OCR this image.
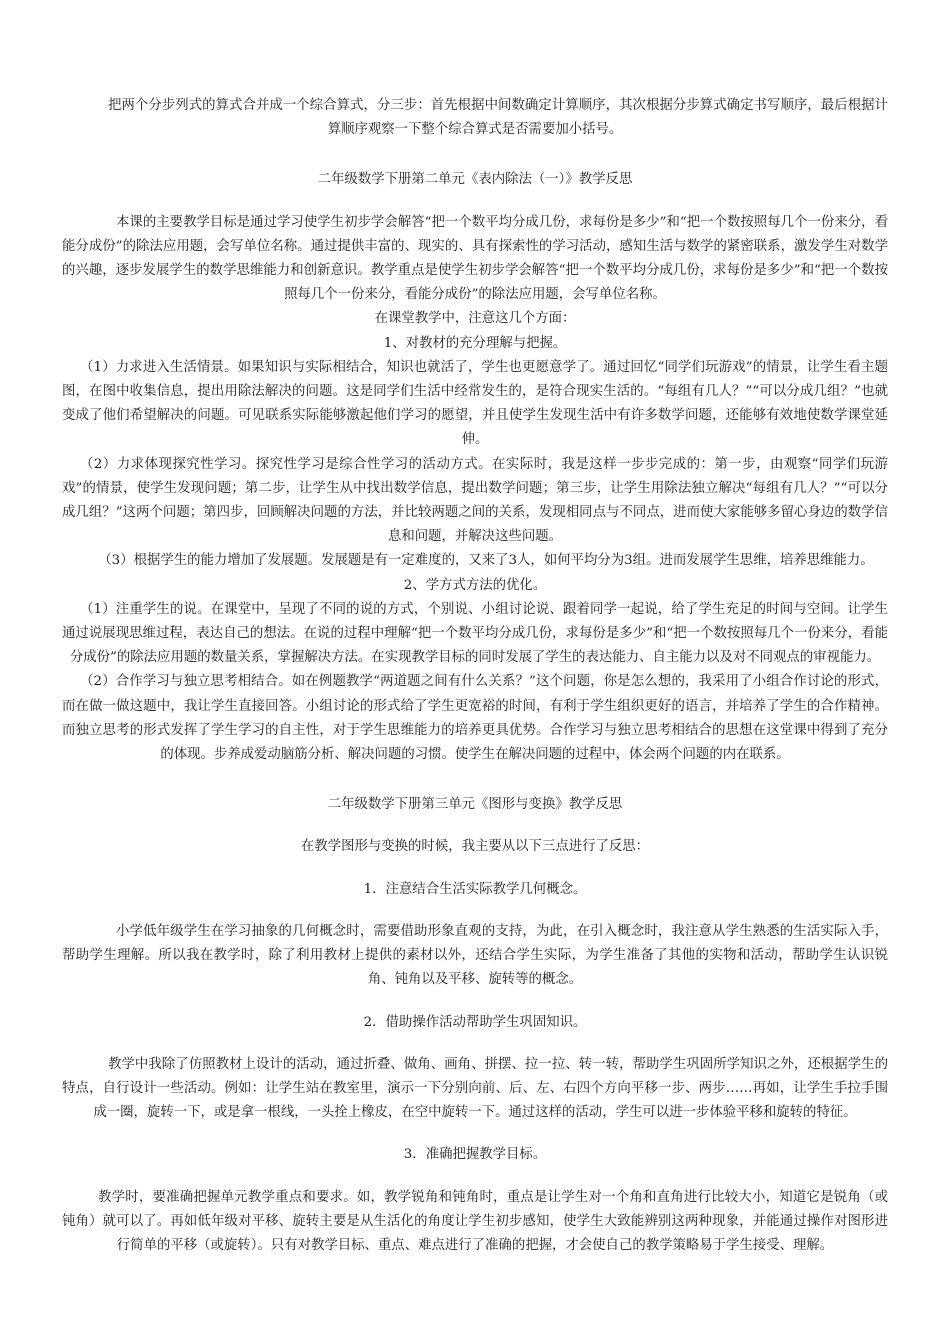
把两个分步列式的算式合并成一个综合算式，分三步：首先根据中间数确定计算顺序，其次根据分步算式确定书写顺序，最后根据计算顺序观察一下整个综合算式是否需要加小括号。

二年级数学下册第二单元《表内除法（一）》教学反思

本课的主要教学目标是通过学习使学生初步学会解答“把一个数平均分成几份，求每份是多少”和“把一个数按照每几个一份来分，看能分成份”的除法应用题，会写单位名称。通过提供丰富的、现实的、具有探索性的学习活动，感知生活与数学的紧密联系，激发学生对数学的兴趣，逐步发展学生的数学思维能力和创新意识。教学重点是使学生初步学会解答“把一个数平均分成几份，求每份是多少”和“把一个数按照每几个一份来分，看能分成份”的除法应用题，会写单位名称。

在课堂教学中，注意这几个方面：

1、对教材的充分理解与把握。

（1）力求进入生活情景。如果知识与实际相结合，知识也就活了，学生也更愿意学了。通过回忆“同学们玩游戏”的情景，让学生看主题图，在图中收集信息，提出用除法解决的问题。这是同学们生活中经常发生的，是符合现实生活的。“每组有几人？”“可以分成几组？”也就变成了他们希望解决的问题。可见联系实际能够激起他们学习的愿望，并且使学生发现生活中有许多数学问题，还能够有效地使数学课堂延伸。

（2）力求体现探究性学习。探究性学习是综合性学习的活动方式。在实际时，我是这样一步步完成的：第一步，由观察“同学们玩游戏”的情景，使学生发现问题；第二步，让学生从中找出数学信息，提出数学问题；第三步，让学生用除法独立解决“每组有几人？”“可以分成几组？”这两个问题；第四步，回顾解决问题的方法，并比较两题之间的关系，发现相同点与不同点，进而使大家能够多留心身边的数学信息和问题，并解决这些问题。

（3）根据学生的能力增加了发展题。发展题是有一定难度的，又来了3人，如何平均分为3组。进而发展学生思维，培养思维能力。

2、学方式方法的优化。

（1）注重学生的说。在课堂中，呈现了不同的说的方式，个别说、小组讨论说、跟着同学一起说，给了学生充足的时间与空间。让学生通过说展现思维过程，表达自己的想法。在说的过程中理解“把一个数平均分成几份，求每份是多少”和“把一个数按照每几个一份来分，看能分成份”的除法应用题的数量关系，掌握解决方法。在实现教学目标的同时发展了学生的表达能力、自主能力以及对不同观点的审视能力。

（2）合作学习与独立思考相结合。如在例题教学“两道题之间有什么关系？”这个问题，你是怎么想的，我采用了小组合作讨论的形式，而在做一做这题中，我让学生直接回答。小组讨论的形式给了学生更宽裕的时间，有利于学生组织更好的语言，并培养了学生的合作精神。而独立思考的形式发挥了学生学习的自主性，对于学生思维能力的培养更具优势。合作学习与独立思考相结合的思想在这堂课中得到了充分的体现。步养成爱动脑筋分析、解决问题的习惯。使学生在解决问题的过程中，体会两个问题的内在联系。

二年级数学下册第三单元《图形与变换》教学反思

在教学图形与变换的时候，我主要从以下三点进行了反思：

1．注意结合生活实际教学几何概念。

小学低年级学生在学习抽象的几何概念时，需要借助形象直观的支持，为此，在引入概念时，我注意从学生熟悉的生活实际入手，帮助学生理解。所以我在教学时，除了利用教材上提供的素材以外，还结合学生实际，为学生准备了其他的实物和活动，帮助学生认识锐角、钝角以及平移、旋转等的概念。

2．借助操作活动帮助学生巩固知识。

教学中我除了仿照教材上设计的活动，通过折叠、做角、画角、拼摆、拉一拉、转一转，帮助学生巩固所学知识之外，还根据学生的特点，自行设计一些活动。例如：让学生站在教室里，演示一下分别向前、后、左、右四个方向平移一步、两步……再如，让学生手拉手围成一圈，旋转一下，或是拿一根线，一头拴上橡皮，在空中旋转一下。通过这样的活动，学生可以进一步体验平移和旋转的特征。

3．准确把握教学目标。

教学时，要准确把握单元教学重点和要求。如，教学锐角和钝角时，重点是让学生对一个角和直角进行比较大小，知道它是锐角（或钝角）就可以了。再如低年级对平移、旋转主要是从生活化的角度让学生初步感知，使学生大致能辨别这两种现象，并能通过操作对图形进行简单的平移（或旋转）。只有对教学目标、重点、难点进行了准确的把握，才会使自己的教学策略易于学生接受、理解。
